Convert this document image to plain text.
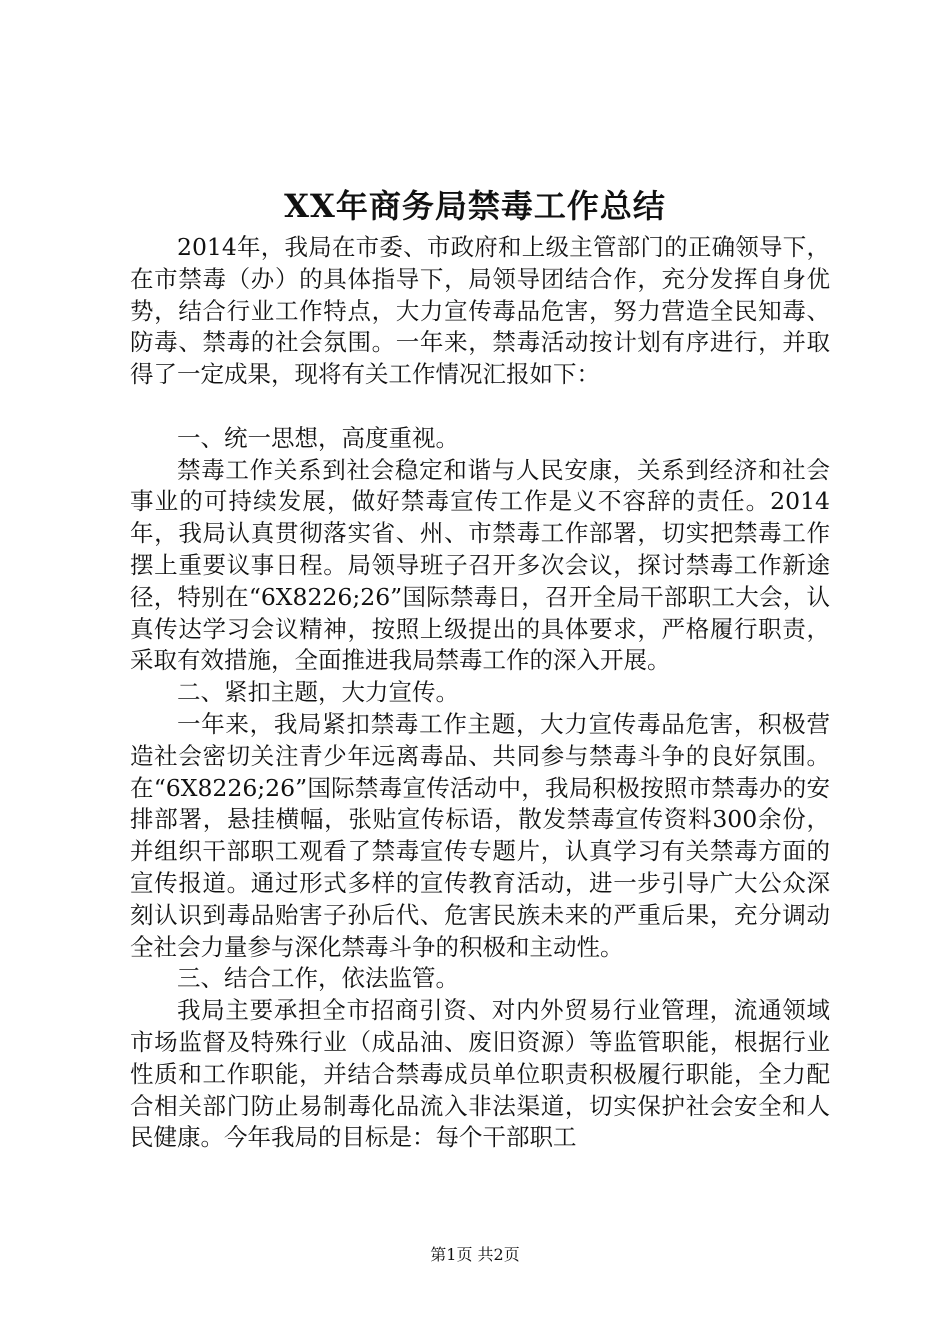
XX年商务局禁毒工作总结

2014年，我局在市委、市政府和上级主管部门的正确领导下，在市禁毒（办）的具体指导下，局领导团结合作，充分发挥自身优势，结合行业工作特点，大力宣传毒品危害，努力营造全民知毒、防毒、禁毒的社会氛围。一年来，禁毒活动按计划有序进行，并取得了一定成果，现将有关工作情况汇报如下：

一、统一思想，高度重视。

禁毒工作关系到社会稳定和谐与人民安康，关系到经济和社会事业的可持续发展，做好禁毒宣传工作是义不容辞的责任。2014年，我局认真贯彻落实省、州、市禁毒工作部署，切实把禁毒工作摆上重要议事日程。局领导班子召开多次会议，探讨禁毒工作新途径，特别在“6X8226;26”国际禁毒日，召开全局干部职工大会，认真传达学习会议精神，按照上级提出的具体要求，严格履行职责，采取有效措施，全面推进我局禁毒工作的深入开展。

二、紧扣主题，大力宣传。

一年来，我局紧扣禁毒工作主题，大力宣传毒品危害，积极营造社会密切关注青少年远离毒品、共同参与禁毒斗争的良好氛围。在“6X8226;26”国际禁毒宣传活动中，我局积极按照市禁毒办的安排部署，悬挂横幅，张贴宣传标语，散发禁毒宣传资料300余份，并组织干部职工观看了禁毒宣传专题片，认真学习有关禁毒方面的宣传报道。通过形式多样的宣传教育活动，进一步引导广大公众深刻认识到毒品贻害子孙后代、危害民族未来的严重后果，充分调动全社会力量参与深化禁毒斗争的积极和主动性。

三、结合工作，依法监管。

我局主要承担全市招商引资、对内外贸易行业管理，流通领域市场监督及特殊行业（成品油、废旧资源）等监管职能，根据行业性质和工作职能，并结合禁毒成员单位职责积极履行职能，全力配合相关部门防止易制毒化品流入非法渠道，切实保护社会安全和人民健康。今年我局的目标是：每个干部职工

第1页 共2页
